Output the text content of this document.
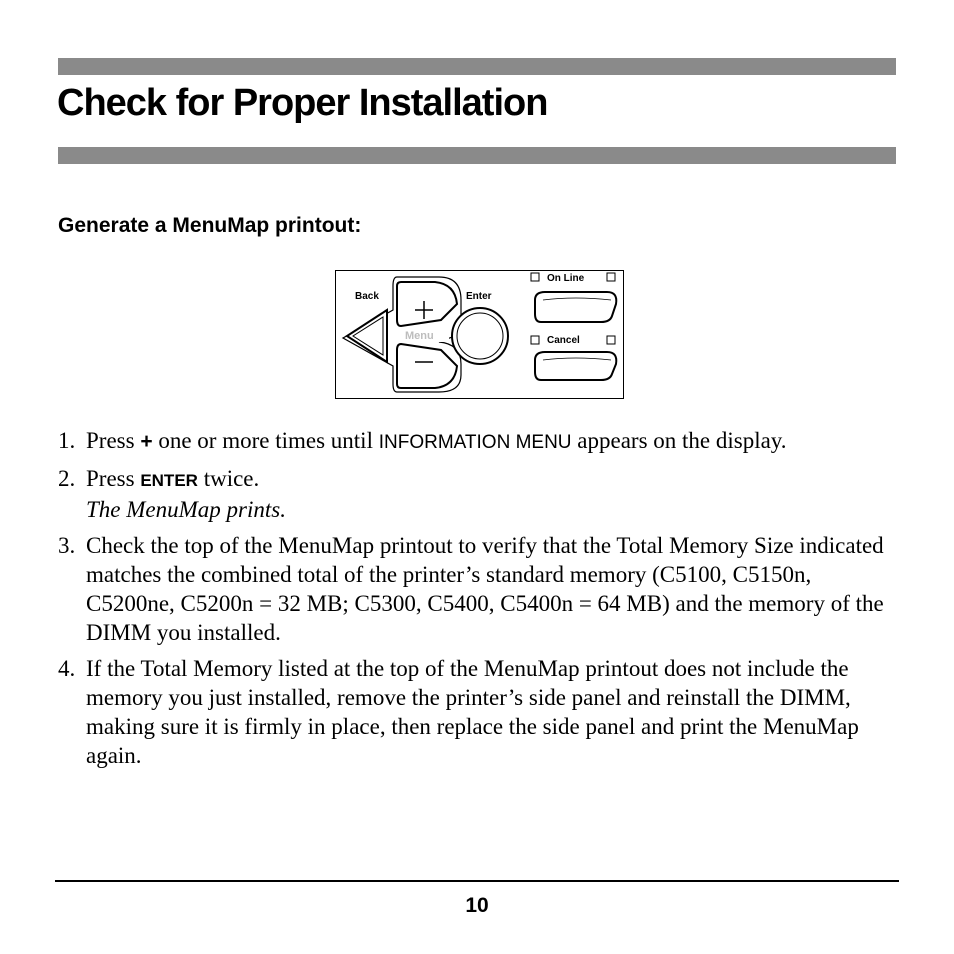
Check for Proper Installation
Generate a MenuMap printout:
Menu
Back	Enter
On Line
Cancel
1. Press + one or more times until INFORMATION MENU appears on the display.
2. Press ENTER twice.
The MenuMap prints.
3. Check the top of the MenuMap printout to verify that the Total Memory Size indicated matches the combined total of the printer’s standard memory (C5100, C5150n, C5200ne, C5200n = 32 MB; C5300, C5400, C5400n = 64 MB) and the memory of the DIMM you installed.
4. If the Total Memory listed at the top of the MenuMap printout does not include the memory you just installed, remove the printer’s side panel and reinstall the DIMM, making sure it is firmly in place, then replace the side panel and print the MenuMap again.
10
